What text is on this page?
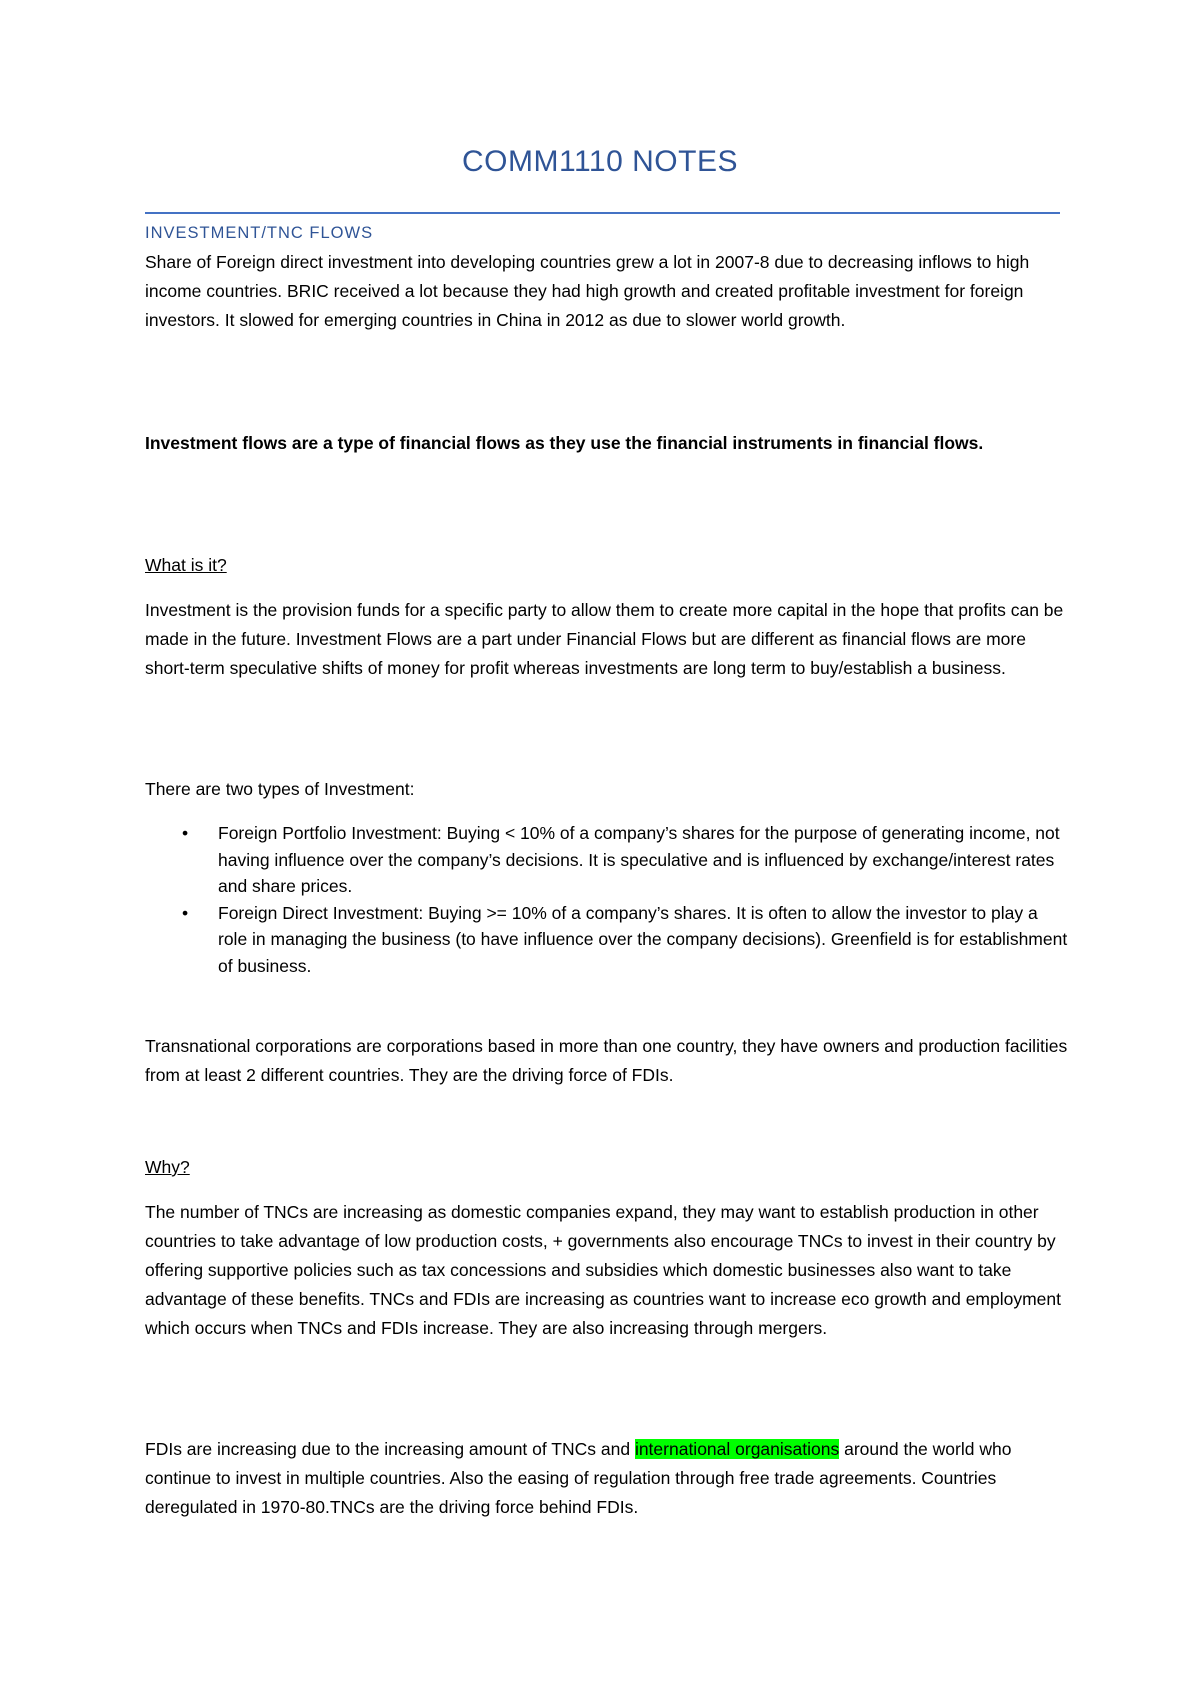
COMM1110 NOTES
INVESTMENT/TNC FLOWS
Share of Foreign direct investment into developing countries grew a lot in 2007-8 due to decreasing inflows to high income countries. BRIC received a lot because they had high growth and created profitable investment for foreign investors. It slowed for emerging countries in China in 2012 as due to slower world growth.
Investment flows are a type of financial flows as they use the financial instruments in financial flows.
What is it?
Investment is the provision funds for a specific party to allow them to create more capital in the hope that profits can be made in the future. Investment Flows are a part under Financial Flows but are different as financial flows are more short-term speculative shifts of money for profit whereas investments are long term to buy/establish a business.
There are two types of Investment:
• Foreign Portfolio Investment: Buying < 10% of a company’s shares for the purpose of generating income, not having influence over the company’s decisions. It is speculative and is influenced by exchange/interest rates and share prices.
• Foreign Direct Investment: Buying >= 10% of a company’s shares. It is often to allow the investor to play a role in managing the business (to have influence over the company decisions). Greenfield is for establishment of business.
Transnational corporations are corporations based in more than one country, they have owners and production facilities from at least 2 different countries. They are the driving force of FDIs.
Why?
The number of TNCs are increasing as domestic companies expand, they may want to establish production in other countries to take advantage of low production costs, + governments also encourage TNCs to invest in their country by offering supportive policies such as tax concessions and subsidies which domestic businesses also want to take advantage of these benefits. TNCs and FDIs are increasing as countries want to increase eco growth and employment which occurs when TNCs and FDIs increase. They are also increasing through mergers.
FDIs are increasing due to the increasing amount of TNCs and international organisations around the world who continue to invest in multiple countries. Also the easing of regulation through free trade agreements. Countries deregulated in 1970-80.TNCs are the driving force behind FDIs.
